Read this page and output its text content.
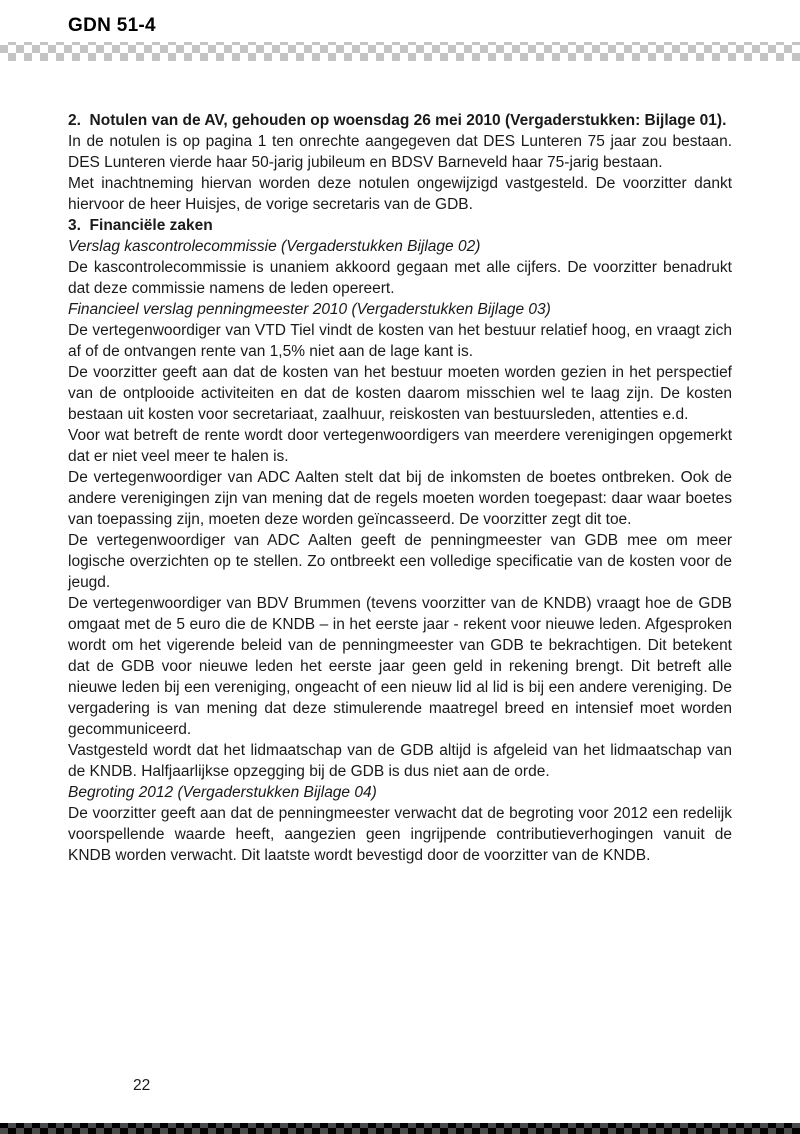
GDN 51-4

2.  Notulen van de AV, gehouden op woensdag 26 mei 2010 (Vergaderstukken: Bijlage 01).

In de notulen is op pagina 1 ten onrechte aangegeven dat DES Lunteren 75 jaar zou bestaan. DES Lunteren vierde haar 50-jarig jubileum en BDSV Barneveld haar 75-jarig bestaan.

Met inachtneming hiervan worden deze notulen ongewijzigd vastgesteld. De voorzitter dankt hiervoor de heer Huisjes, de vorige secretaris van de GDB.

3.  Financiële zaken

Verslag kascontrolecommissie (Vergaderstukken Bijlage 02)

De kascontrolecommissie is unaniem akkoord gegaan met alle cijfers. De voorzitter benadrukt dat deze commissie namens de leden opereert.

Financieel verslag penningmeester 2010 (Vergaderstukken Bijlage 03)

De vertegenwoordiger van VTD Tiel vindt de kosten van het bestuur relatief hoog, en vraagt zich af of de ontvangen rente van 1,5% niet aan de lage kant is.

De voorzitter geeft aan dat de kosten van het bestuur moeten worden gezien in het perspectief van de ontplooide activiteiten en dat de kosten daarom misschien wel te laag zijn. De kosten bestaan uit kosten voor secretariaat, zaalhuur, reiskosten van bestuursleden, attenties e.d.

Voor wat betreft de rente wordt door vertegenwoordigers van meerdere verenigingen opgemerkt dat er niet veel meer te halen is.

De vertegenwoordiger van ADC Aalten stelt dat bij de inkomsten de boetes ontbreken. Ook de andere verenigingen zijn van mening dat de regels moeten worden toegepast: daar waar boetes van toepassing zijn, moeten deze worden geïncasseerd. De voorzitter zegt dit toe.

De vertegenwoordiger van ADC Aalten geeft de penningmeester van GDB mee om meer logische overzichten op te stellen. Zo ontbreekt een volledige specificatie van de kosten voor de jeugd.

De vertegenwoordiger van BDV Brummen (tevens voorzitter van de KNDB) vraagt hoe de GDB omgaat met de 5 euro die de KNDB – in het eerste jaar - rekent voor nieuwe leden. Afgesproken wordt om het vigerende beleid van de penningmeester van GDB te bekrachtigen. Dit betekent dat de GDB voor nieuwe leden het eerste jaar geen geld in rekening brengt. Dit betreft alle nieuwe leden bij een vereniging, ongeacht of een nieuw lid al lid is bij een andere vereniging. De vergadering is van mening dat deze stimulerende maatregel breed en intensief moet worden gecommuniceerd.

Vastgesteld wordt dat het lidmaatschap van de GDB altijd is afgeleid van het lidmaatschap van de KNDB. Halfjaarlijkse opzegging bij de GDB is dus niet aan de orde.

Begroting 2012 (Vergaderstukken Bijlage 04)

De voorzitter geeft aan dat de penningmeester verwacht dat de begroting voor 2012 een redelijk voorspellende waarde heeft, aangezien geen ingrijpende contributieverhogingen vanuit de KNDB worden verwacht. Dit laatste wordt bevestigd door de voorzitter van de KNDB.

22
